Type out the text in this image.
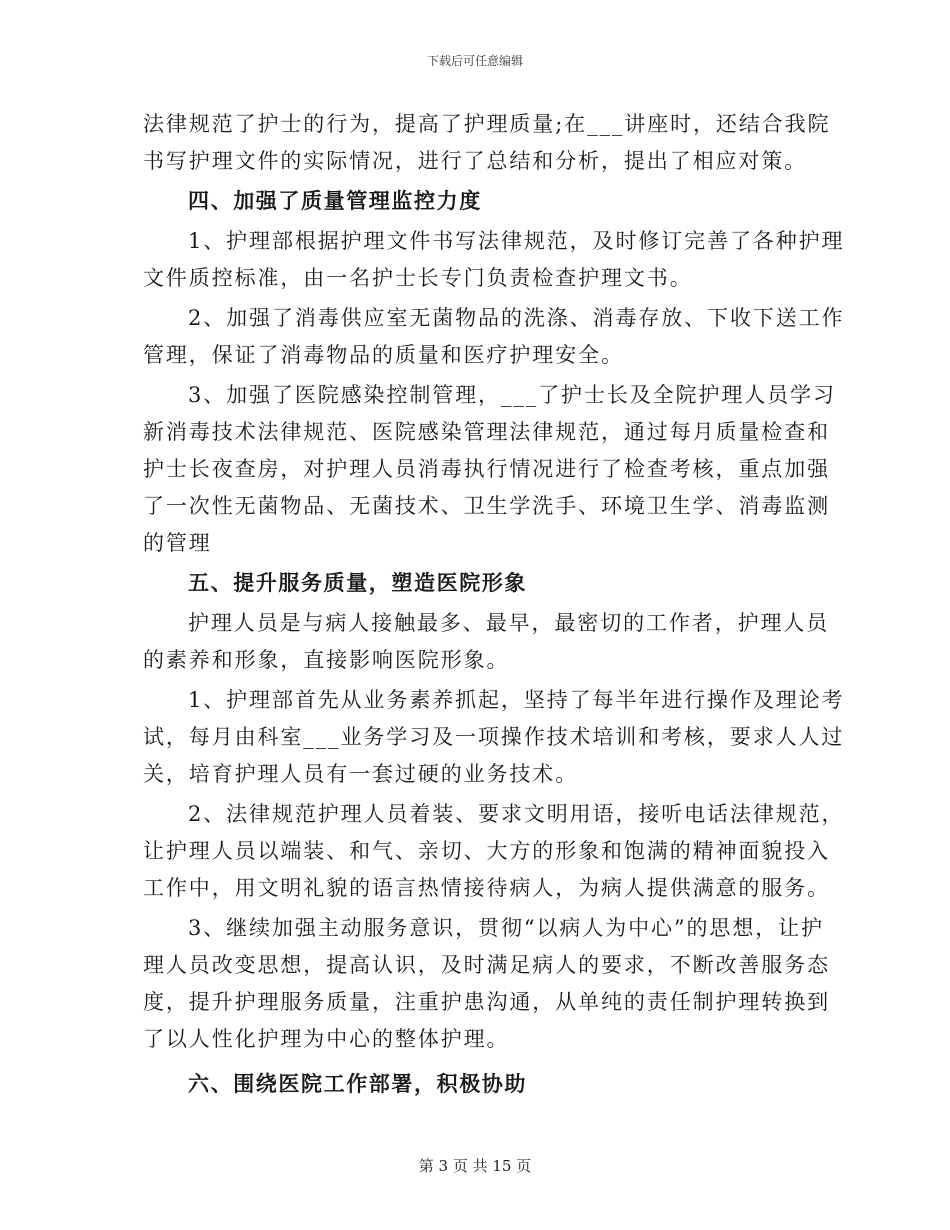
下载后可任意编辑
法律规范了护士的行为，提高了护理质量;在___讲座时，还结合我院
书写护理文件的实际情况，进行了总结和分析，提出了相应对策。
四、加强了质量管理监控力度
1、护理部根据护理文件书写法律规范，及时修订完善了各种护理
文件质控标准，由一名护士长专门负责检查护理文书。
2、加强了消毒供应室无菌物品的洗涤、消毒存放、下收下送工作
管理，保证了消毒物品的质量和医疗护理安全。
3、加强了医院感染控制管理，___了护士长及全院护理人员学习
新消毒技术法律规范、医院感染管理法律规范，通过每月质量检查和
护士长夜查房，对护理人员消毒执行情况进行了检查考核，重点加强
了一次性无菌物品、无菌技术、卫生学洗手、环境卫生学、消毒监测
的管理
五、提升服务质量，塑造医院形象
护理人员是与病人接触最多、最早，最密切的工作者，护理人员
的素养和形象，直接影响医院形象。
1、护理部首先从业务素养抓起，坚持了每半年进行操作及理论考
试，每月由科室___业务学习及一项操作技术培训和考核，要求人人过
关，培育护理人员有一套过硬的业务技术。
2、法律规范护理人员着装、要求文明用语，接听电话法律规范，
让护理人员以端装、和气、亲切、大方的形象和饱满的精神面貌投入
工作中，用文明礼貌的语言热情接待病人，为病人提供满意的服务。
3、继续加强主动服务意识，贯彻“以病人为中心”的思想，让护
理人员改变思想，提高认识，及时满足病人的要求，不断改善服务态
度，提升护理服务质量，注重护患沟通，从单纯的责任制护理转换到
了以人性化护理为中心的整体护理。
六、围绕医院工作部署，积极协助
第 3 页 共 15 页
